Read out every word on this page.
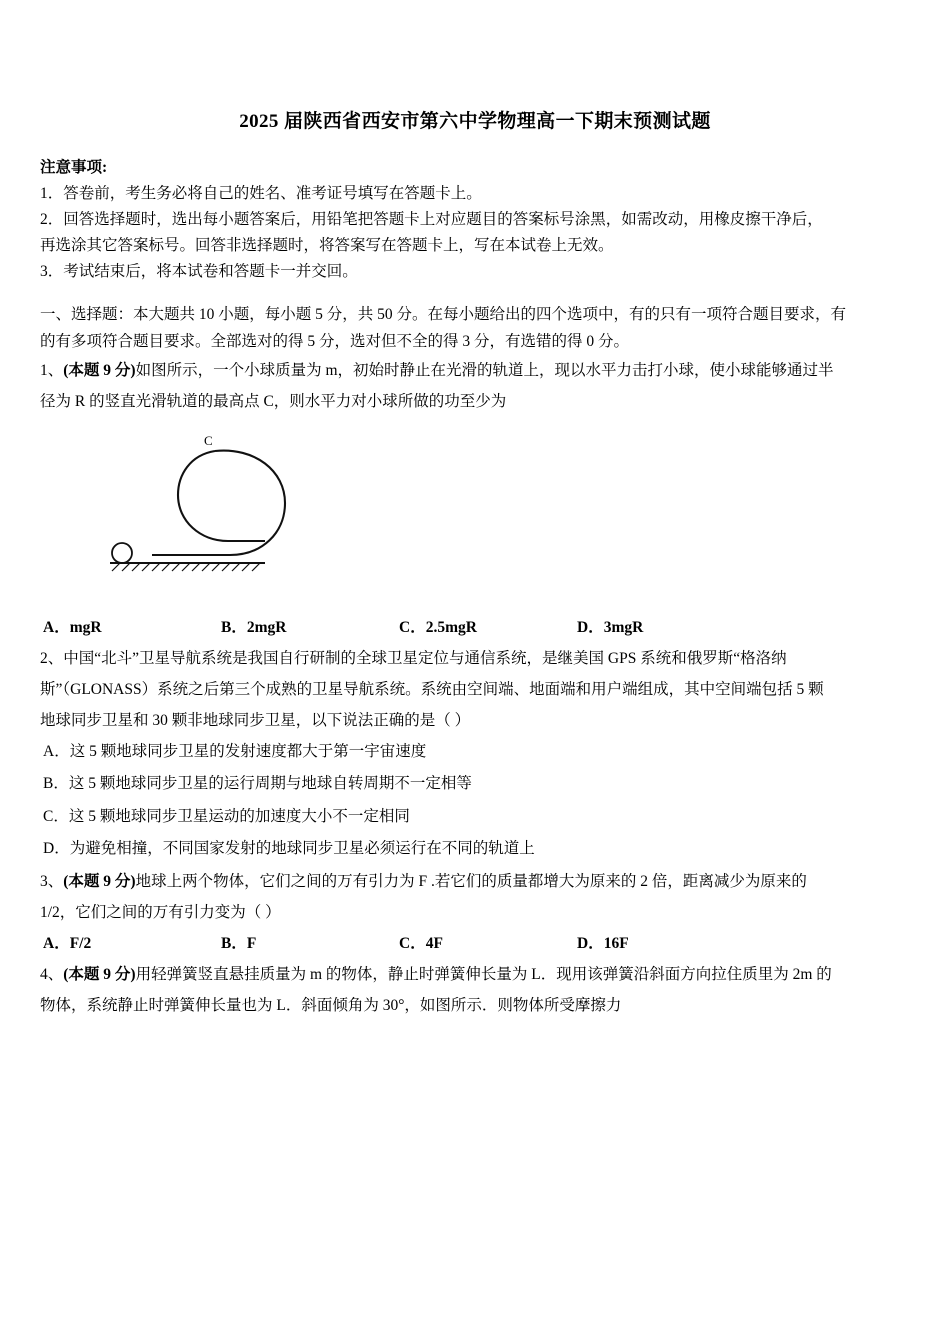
2025 届陕西省西安市第六中学物理高一下期末预测试题
注意事项:
1．答卷前，考生务必将自己的姓名、准考证号填写在答题卡上。
2．回答选择题时，选出每小题答案后，用铅笔把答题卡上对应题目的答案标号涂黑，如需改动，用橡皮擦干净后，
再选涂其它答案标号。回答非选择题时，将答案写在答题卡上，写在本试卷上无效。
3．考试结束后，将本试卷和答题卡一并交回。
一、选择题：本大题共 10 小题，每小题 5 分，共 50 分。在每小题给出的四个选项中，有的只有一项符合题目要求，有
的有多项符合题目要求。全部选对的得 5 分，选对但不全的得 3 分，有选错的得 0 分。
1、(本题 9 分)如图所示，一个小球质量为 m，初始时静止在光滑的轨道上，现以水平力击打小球，使小球能够通过半
径为 R 的竖直光滑轨道的最高点 C，则水平力对小球所做的功至少为
C
A．mgR	B．2mgR	C．2.5mgR	D．3mgR
2、中国“北斗”卫星导航系统是我国自行研制的全球卫星定位与通信系统，是继美国 GPS 系统和俄罗斯“格洛纳
斯”（GLONASS）系统之后第三个成熟的卫星导航系统。系统由空间端、地面端和用户端组成，其中空间端包括 5 颗
地球同步卫星和 30 颗非地球同步卫星，以下说法正确的是（ ）
A．这 5 颗地球同步卫星的发射速度都大于第一宇宙速度
B．这 5 颗地球同步卫星的运行周期与地球自转周期不一定相等
C．这 5 颗地球同步卫星运动的加速度大小不一定相同
D．为避免相撞，不同国家发射的地球同步卫星必须运行在不同的轨道上
3、(本题 9 分)地球上两个物体，它们之间的万有引力为 F .若它们的质量都增大为原来的 2 倍，距离减少为原来的
1/2，它们之间的万有引力变为（ ）
A．F/2	B．F	C．4F	D．16F
4、(本题 9 分)用轻弹簧竖直悬挂质量为 m 的物体，静止时弹簧伸长量为 L．现用该弹簧沿斜面方向拉住质里为 2m 的
物体，系统静止时弹簧伸长量也为 L．斜面倾角为 30°，如图所示．则物体所受摩擦力
